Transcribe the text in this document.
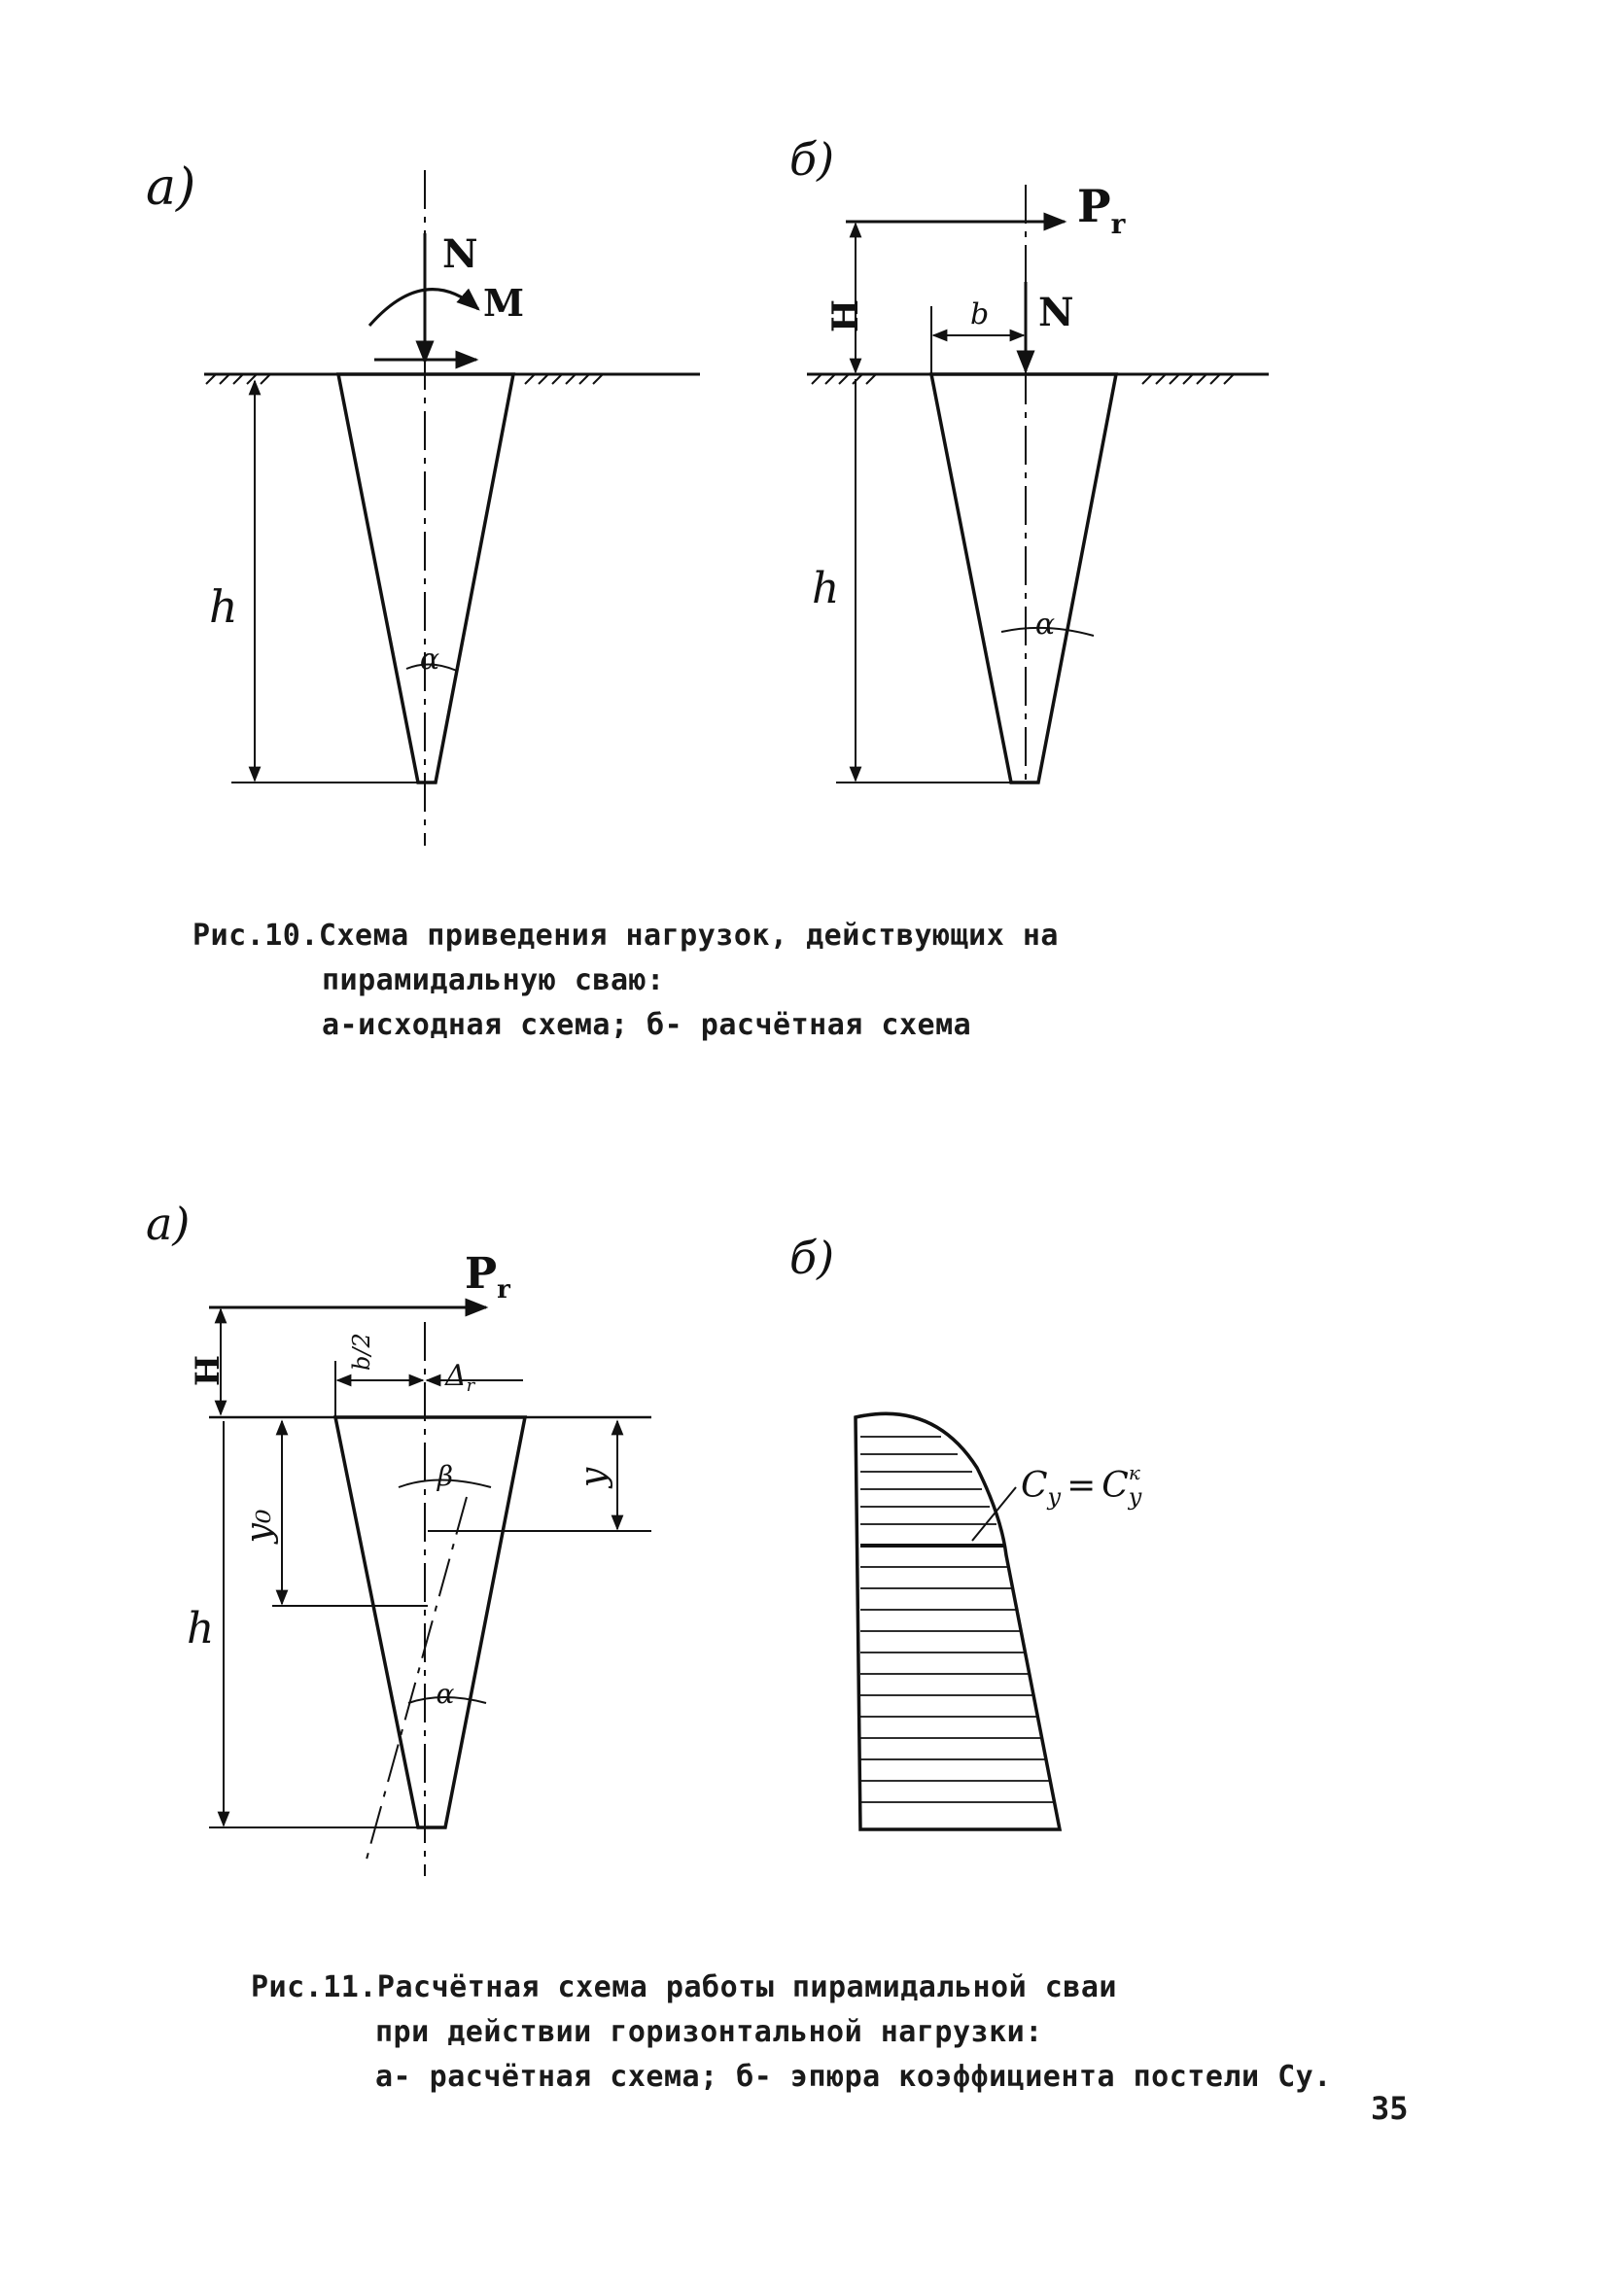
а)
N
M
h
α
б)
$P_r$
N
b
H
h
α
Рис.10.Схема приведения нагрузок, действующих на
пирамидальную сваю:
а-исходная схема; б- расчётная схема
а)
$P_r$
H	b/2
$\Delta_r$
β
y₀
y
h
α
б)
$C_y = C^к$ y
Рис.11.Расчётная схема работы пирамидальной сваи
при действии горизонтальной нагрузки:
а- расчётная схема; б- эпюра коэффициента постели Cy.
35
